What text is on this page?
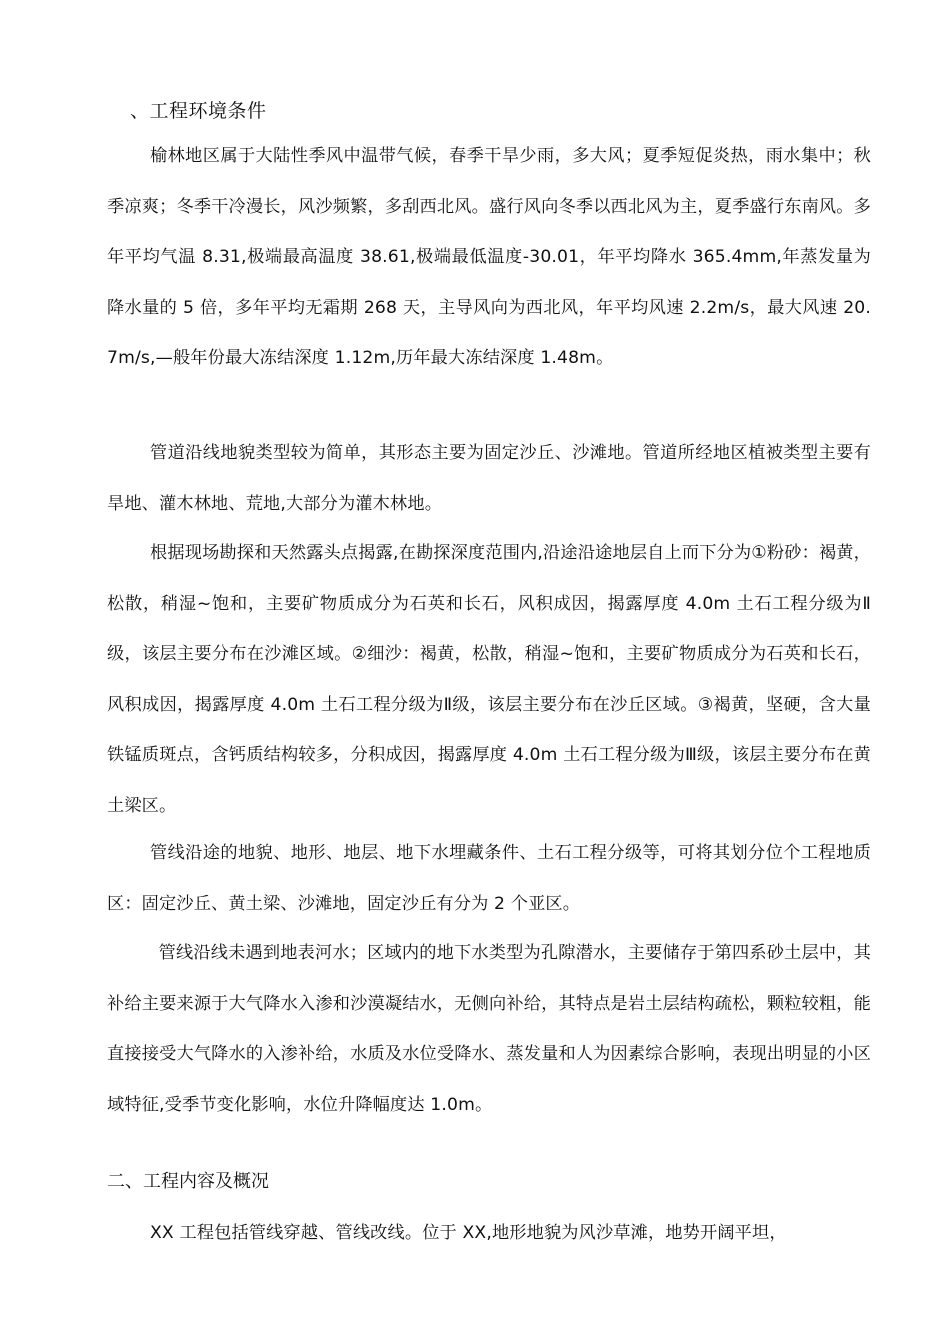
、工程环境条件

榆林地区属于大陆性季风中温带气候，春季干旱少雨，多大风；夏季短促炎热，雨水集中；秋季凉爽；冬季干冷漫长，风沙频繁，多刮西北风。盛行风向冬季以西北风为主，夏季盛行东南风。多年平均气温 8.31,极端最高温度 38.61,极端最低温度-30.01，年平均降水 365.4mm,年蒸发量为降水量的 5 倍，多年平均无霜期 268 天，主导风向为西北风，年平均风速 2.2m/s，最大风速 20.7m/s,—般年份最大冻结深度 1.12m,历年最大冻结深度 1.48m。

管道沿线地貌类型较为简单，其形态主要为固定沙丘、沙滩地。管道所经地区植被类型主要有旱地、灌木林地、荒地,大部分为灌木林地。

根据现场勘探和天然露头点揭露,在勘探深度范围内,沿途沿途地层自上而下分为①粉砂：褐黄，松散，稍湿~饱和，主要矿物质成分为石英和长石，风积成因，揭露厚度 4.0m 土石工程分级为Ⅱ级，该层主要分布在沙滩区域。②细沙：褐黄，松散，稍湿~饱和，主要矿物质成分为石英和长石，风积成因，揭露厚度 4.0m 土石工程分级为Ⅱ级，该层主要分布在沙丘区域。③褐黄，坚硬，含大量铁锰质斑点，含钙质结构较多，分积成因，揭露厚度 4.0m 土石工程分级为Ⅲ级，该层主要分布在黄土梁区。

管线沿途的地貌、地形、地层、地下水埋藏条件、土石工程分级等，可将其划分位个工程地质区：固定沙丘、黄土梁、沙滩地，固定沙丘有分为 2 个亚区。

管线沿线未遇到地表河水；区域内的地下水类型为孔隙潜水，主要储存于第四系砂土层中，其补给主要来源于大气降水入渗和沙漠凝结水，无侧向补给，其特点是岩土层结构疏松，颗粒较粗，能直接接受大气降水的入渗补给，水质及水位受降水、蒸发量和人为因素综合影响，表现出明显的小区域特征,受季节变化影响，水位升降幅度达 1.0m。

二、工程内容及概况

XX 工程包括管线穿越、管线改线。位于 XX,地形地貌为风沙草滩，地势开阔平坦，
